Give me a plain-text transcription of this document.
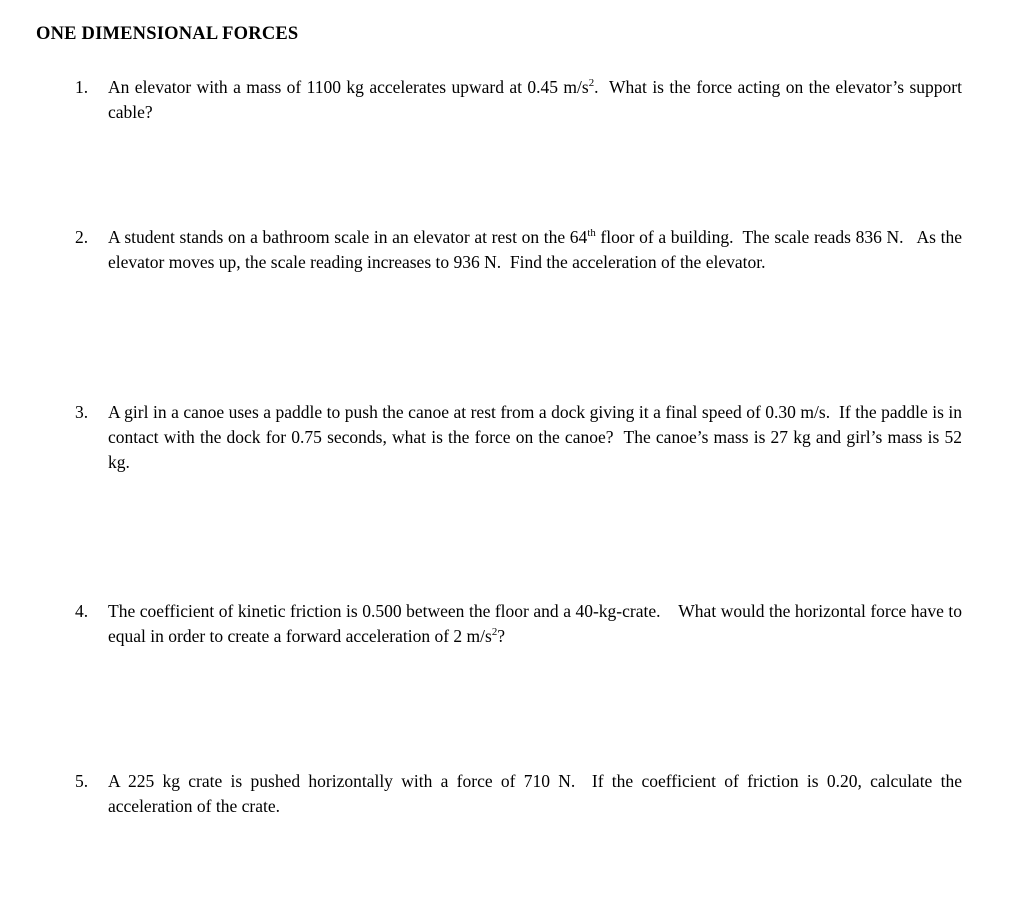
ONE DIMENSIONAL FORCES
1.	An elevator with a mass of 1100 kg accelerates upward at 0.45 $m/s^2$.  What is the force acting on the elevator’s support cable?
2.	A student stands on a bathroom scale in an elevator at rest on the 64th floor of a building.  The scale reads 836 N.   As the elevator moves up, the scale reading increases to 936 N.  Find the acceleration of the elevator.
3.	A girl in a canoe uses a paddle to push the canoe at rest from a dock giving it a final speed of 0.30 m/s.  If the paddle is in contact with the dock for 0.75 seconds, what is the force on the canoe?  The canoe’s mass is 27 kg and girl’s mass is 52 kg.
4.	The coefficient of kinetic friction is 0.500 between the floor and a 40-kg-crate.    What would the horizontal force have to equal in order to create a forward acceleration of 2 $m/s^2$?
5.	A 225 kg crate is pushed horizontally with a force of 710 N.  If the coefficient of friction is 0.20, calculate the acceleration of the crate.
